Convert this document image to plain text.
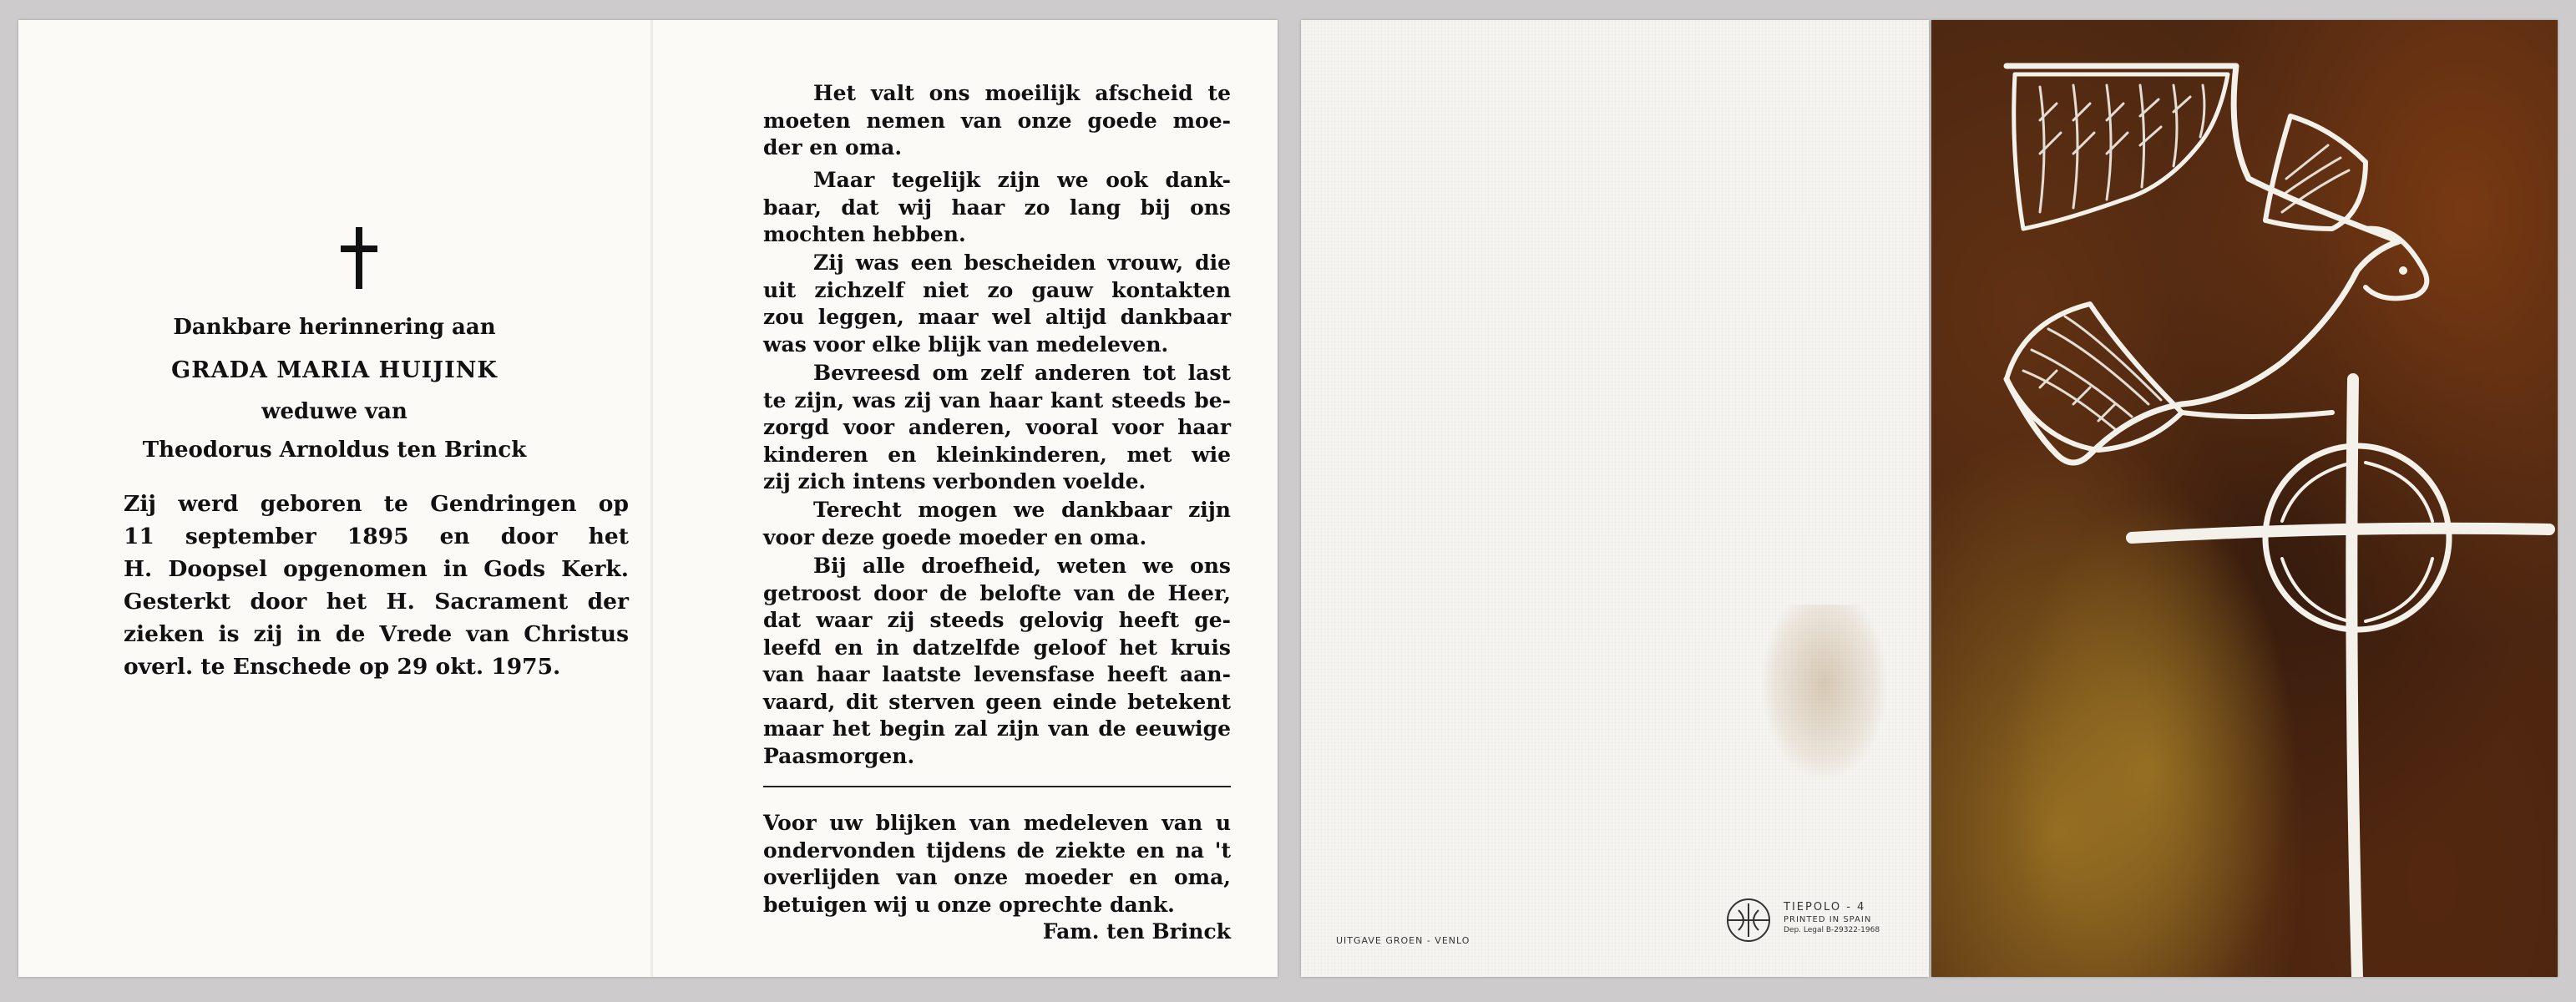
Dankbare herinnering aan
GRADA MARIA HUIJINK
weduwe van
Theodorus Arnoldus ten Brinck
Zij werd geboren te Gendringen op
11 september 1895 en door het
H. Doopsel opgenomen in Gods Kerk.
Gesterkt door het H. Sacrament der
zieken is zij in de Vrede van Christus
overl. te Enschede op 29 okt. 1975.
Het valt ons moeilijk afscheid te
moeten nemen van onze goede moe-
der en oma.
Maar tegelijk zijn we ook dank-
baar, dat wij haar zo lang bij ons
mochten hebben.
Zij was een bescheiden vrouw, die
uit zichzelf niet zo gauw kontakten
zou leggen, maar wel altijd dankbaar
was voor elke blijk van medeleven.
Bevreesd om zelf anderen tot last
te zijn, was zij van haar kant steeds be-
zorgd voor anderen, vooral voor haar
kinderen en kleinkinderen, met wie
zij zich intens verbonden voelde.
Terecht mogen we dankbaar zijn
voor deze goede moeder en oma.
Bij alle droefheid, weten we ons
getroost door de belofte van de Heer,
dat waar zij steeds gelovig heeft ge-
leefd en in datzelfde geloof het kruis
van haar laatste levensfase heeft aan-
vaard, dit sterven geen einde betekent
maar het begin zal zijn van de eeuwige
Paasmorgen.
Voor uw blijken van medeleven van u
ondervonden tijdens de ziekte en na 't
overlijden van onze moeder en oma,
betuigen wij u onze oprechte dank.
Fam. ten Brinck	UITGAVE GROEN - VENLO
TIEPOLO - 4
PRINTED IN SPAIN
Dep. Legal B-29322-1968
